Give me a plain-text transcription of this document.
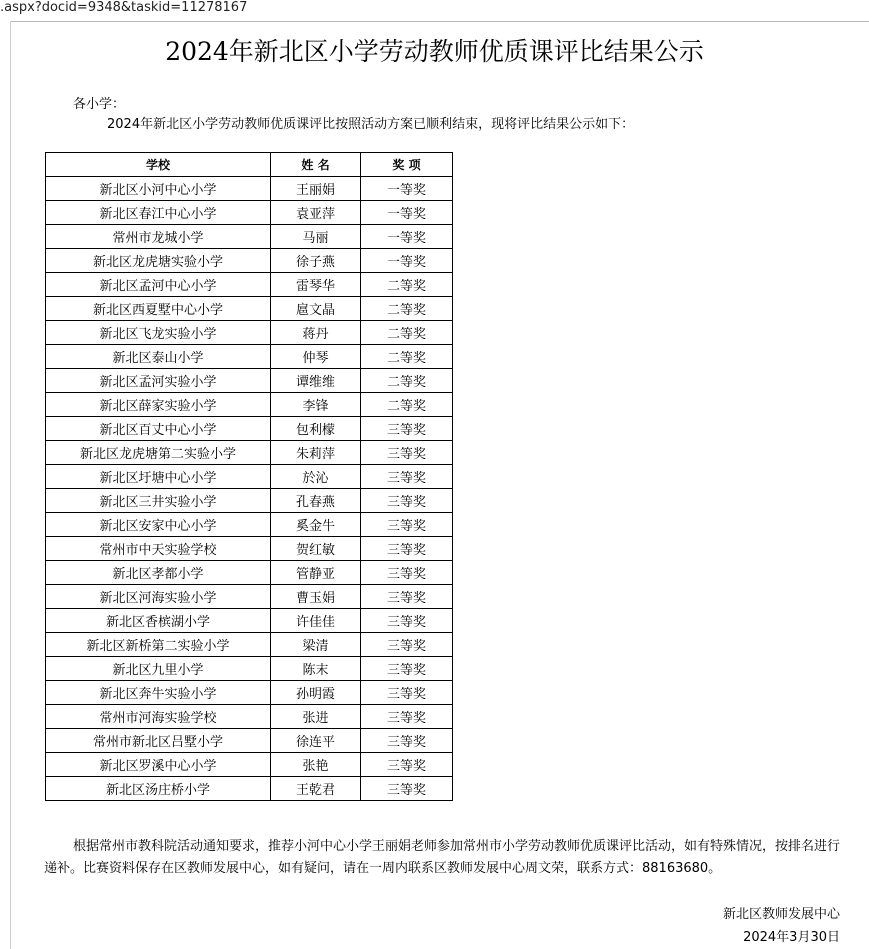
.aspx?docid=9348&taskid=11278167
2024年新北区小学劳动教师优质课评比结果公示
各小学：
2024年新北区小学劳动教师优质课评比按照活动方案已顺利结束，现将评比结果公示如下：
学校	姓 名	奖 项
新北区小河中心小学	王丽娟	一等奖
新北区春江中心小学	袁亚萍	一等奖
常州市龙城小学	马丽	一等奖
新北区龙虎塘实验小学	徐子燕	一等奖
新北区孟河中心小学	雷琴华	二等奖
新北区西夏墅中心小学	扈文晶	二等奖
新北区飞龙实验小学	蒋丹	二等奖
新北区泰山小学	仲琴	二等奖
新北区孟河实验小学	谭维维	二等奖
新北区薛家实验小学	李锋	二等奖
新北区百丈中心小学	包利檬	三等奖
新北区龙虎塘第二实验小学	朱莉萍	三等奖
新北区圩塘中心小学	於沁	三等奖
新北区三井实验小学	孔春燕	三等奖
新北区安家中心小学	奚金牛	三等奖
常州市中天实验学校	贺红敏	三等奖
新北区孝都小学	管静亚	三等奖
新北区河海实验小学	曹玉娟	三等奖
新北区香槟湖小学	许佳佳	三等奖
新北区新桥第二实验小学	梁清	三等奖
新北区九里小学	陈末	三等奖
新北区奔牛实验小学	孙明霞	三等奖
常州市河海实验学校	张进	三等奖
常州市新北区吕墅小学	徐连平	三等奖
新北区罗溪中心小学	张艳	三等奖
新北区汤庄桥小学	王乾君	三等奖
根据常州市教科院活动通知要求，推荐小河中心小学王丽娟老师参加常州市小学劳动教师优质课评比活动，如有特殊情况，按排名进行递补。比赛资料保存在区教师发展中心，如有疑问，请在一周内联系区教师发展中心周文荣，联系方式：88163680。
新北区教师发展中心
2024年3月30日
